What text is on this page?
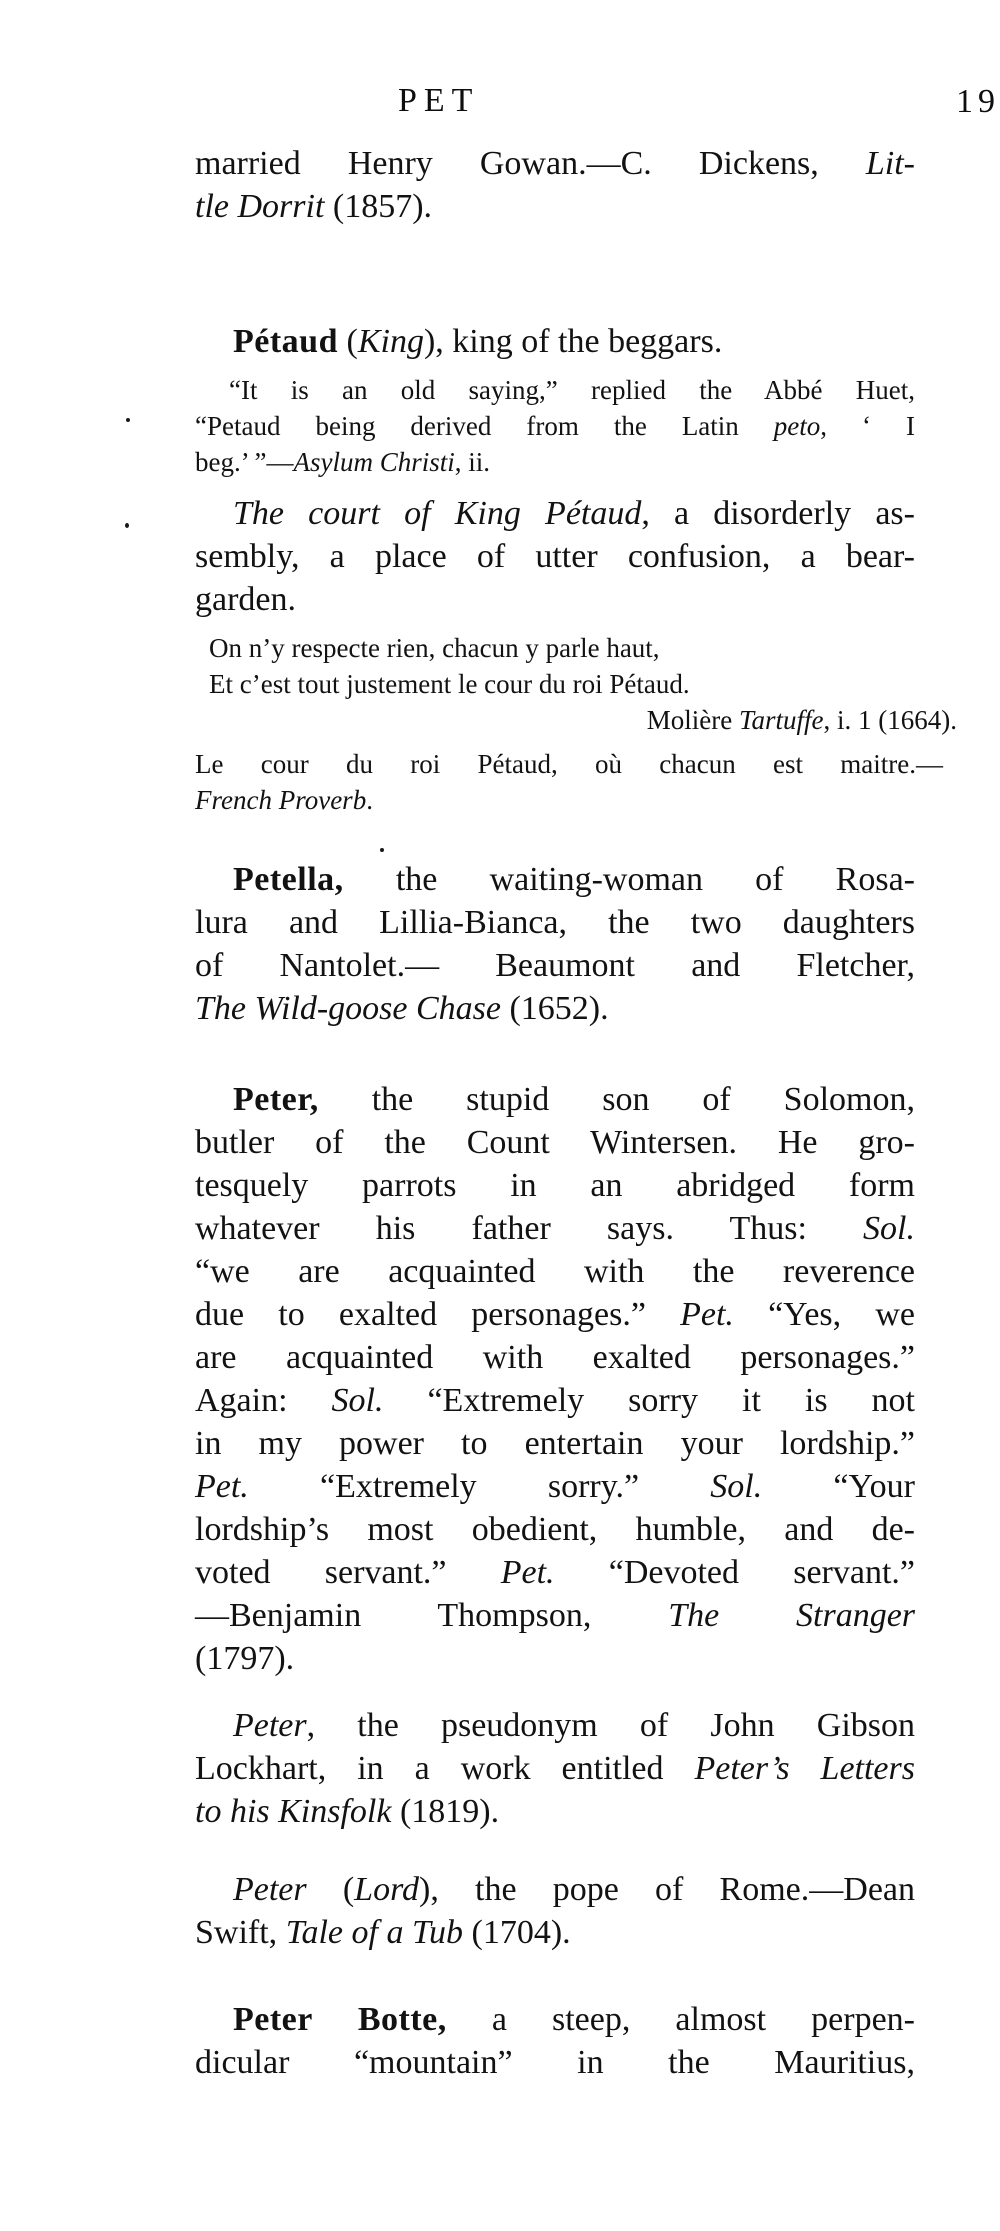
PET	19
married Henry Gowan.—C. Dickens, Lit-
tle Dorrit (1857).
Pétaud (King), king of the beggars.
“It is an old saying,” replied the Abbé Huet,
“Petaud being derived from the Latin peto, ‘ I
beg.’ ”—Asylum Christi, ii.
The court of King Pétaud, a disorderly as-
sembly, a place of utter confusion, a bear-
garden.
On n’y respecte rien, chacun y parle haut,
Et c’est tout justement le cour du roi Pétaud.
Molière Tartuffe, i. 1 (1664).
Le cour du roi Pétaud, où chacun est maitre.—
French Proverb.
Petella, the waiting-woman of Rosa-
lura and Lillia-Bianca, the two daughters
of Nantolet.— Beaumont and Fletcher,
The Wild-goose Chase (1652).
Peter, the stupid son of Solomon,
butler of the Count Wintersen. He gro-
tesquely parrots in an abridged form
whatever his father says. Thus: Sol.
“we are acquainted with the reverence
due to exalted personages.” Pet. “Yes, we
are acquainted with exalted personages.”
Again: Sol. “Extremely sorry it is not
in my power to entertain your lordship.”
Pet. “Extremely sorry.” Sol. “Your
lordship’s most obedient, humble, and de-
voted servant.” Pet. “Devoted servant.”
—Benjamin Thompson, The Stranger
(1797).
Peter, the pseudonym of John Gibson
Lockhart, in a work entitled Peter’s Letters
to his Kinsfolk (1819).
Peter (Lord), the pope of Rome.—Dean
Swift, Tale of a Tub (1704).
Peter Botte, a steep, almost perpen-
dicular “mountain” in the Mauritius,
